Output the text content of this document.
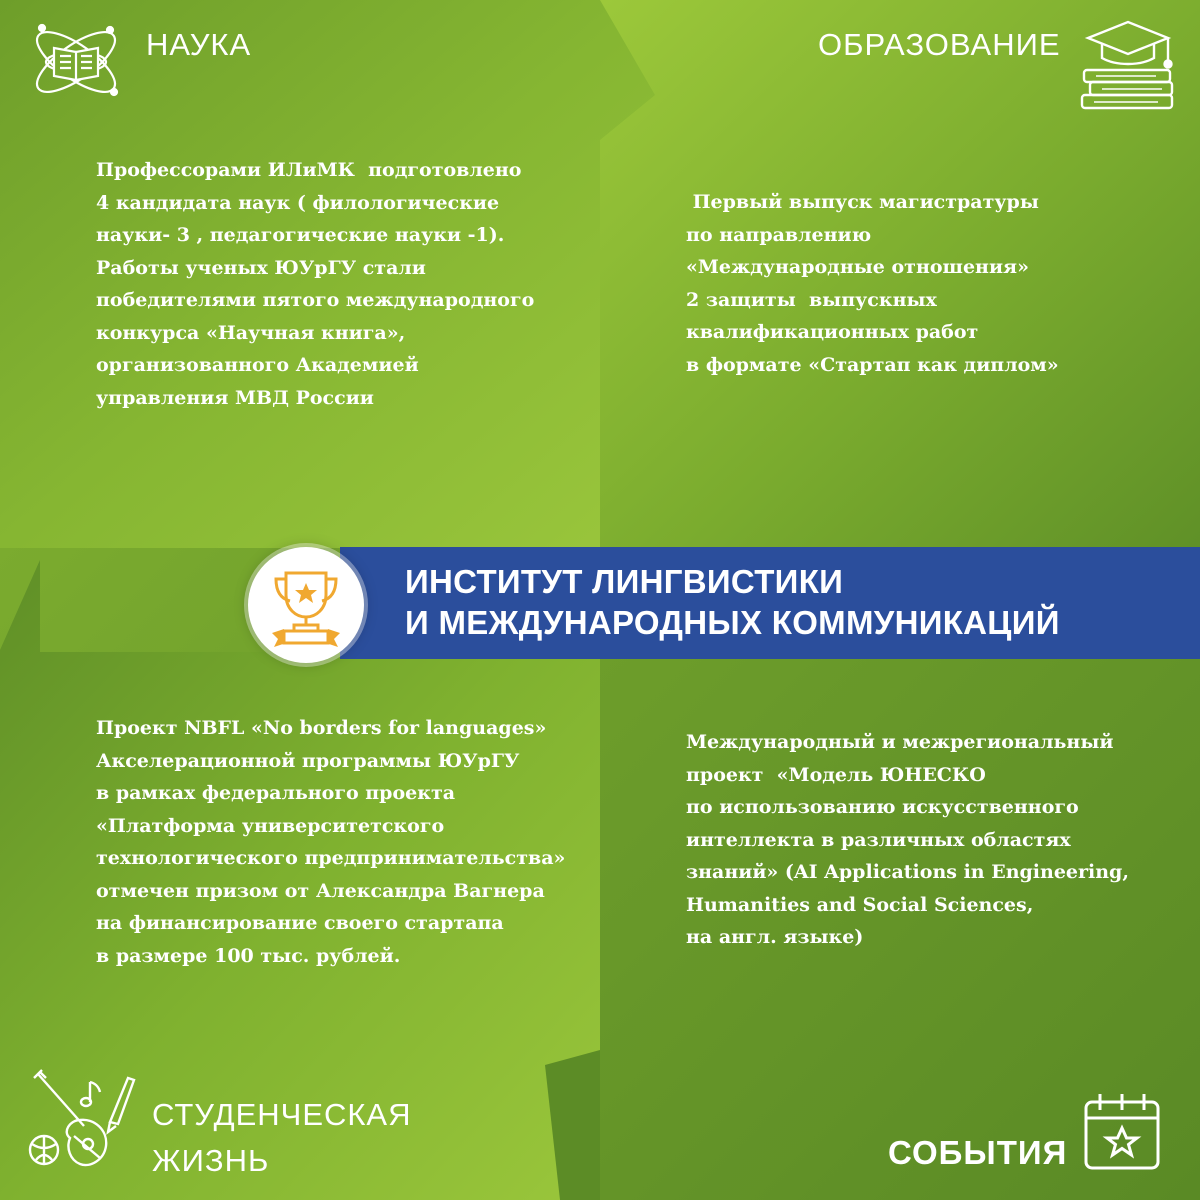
НАУКА
Профессорами ИЛиМК  подготовлено
4 кандидата наук ( филологические
науки- 3 , педагогические науки -1).
Работы ученых ЮУрГУ стали
победителями пятого международного
конкурса «Научная книга»,
организованного Академией
управления МВД России
ОБРАЗОВАНИЕ
Первый выпуск магистратуры
по направлению
«Международные отношения»
2 защиты  выпускных
квалификационных работ
в формате «Стартап как диплом»
ИНСТИТУТ ЛИНГВИСТИКИ
И МЕЖДУНАРОДНЫХ КОММУНИКАЦИЙ
Проект NBFL «No borders for languages»
Акселерационной программы ЮУрГУ
в рамках федерального проекта
«Платформа университетского
технологического предпринимательства»
отмечен призом от Александра Вагнера
на финансирование своего стартапа
в размере 100 тыс. рублей.
СТУДЕНЧЕСКАЯ
ЖИЗНЬ
Международный и межрегиональный
проект  «Модель ЮНЕСКО
по использованию искусственного
интеллекта в различных областях
знаний» (AI Applications in Engineering,
Humanities and Social Sciences,
на англ. языке)
СОБЫТИЯ
